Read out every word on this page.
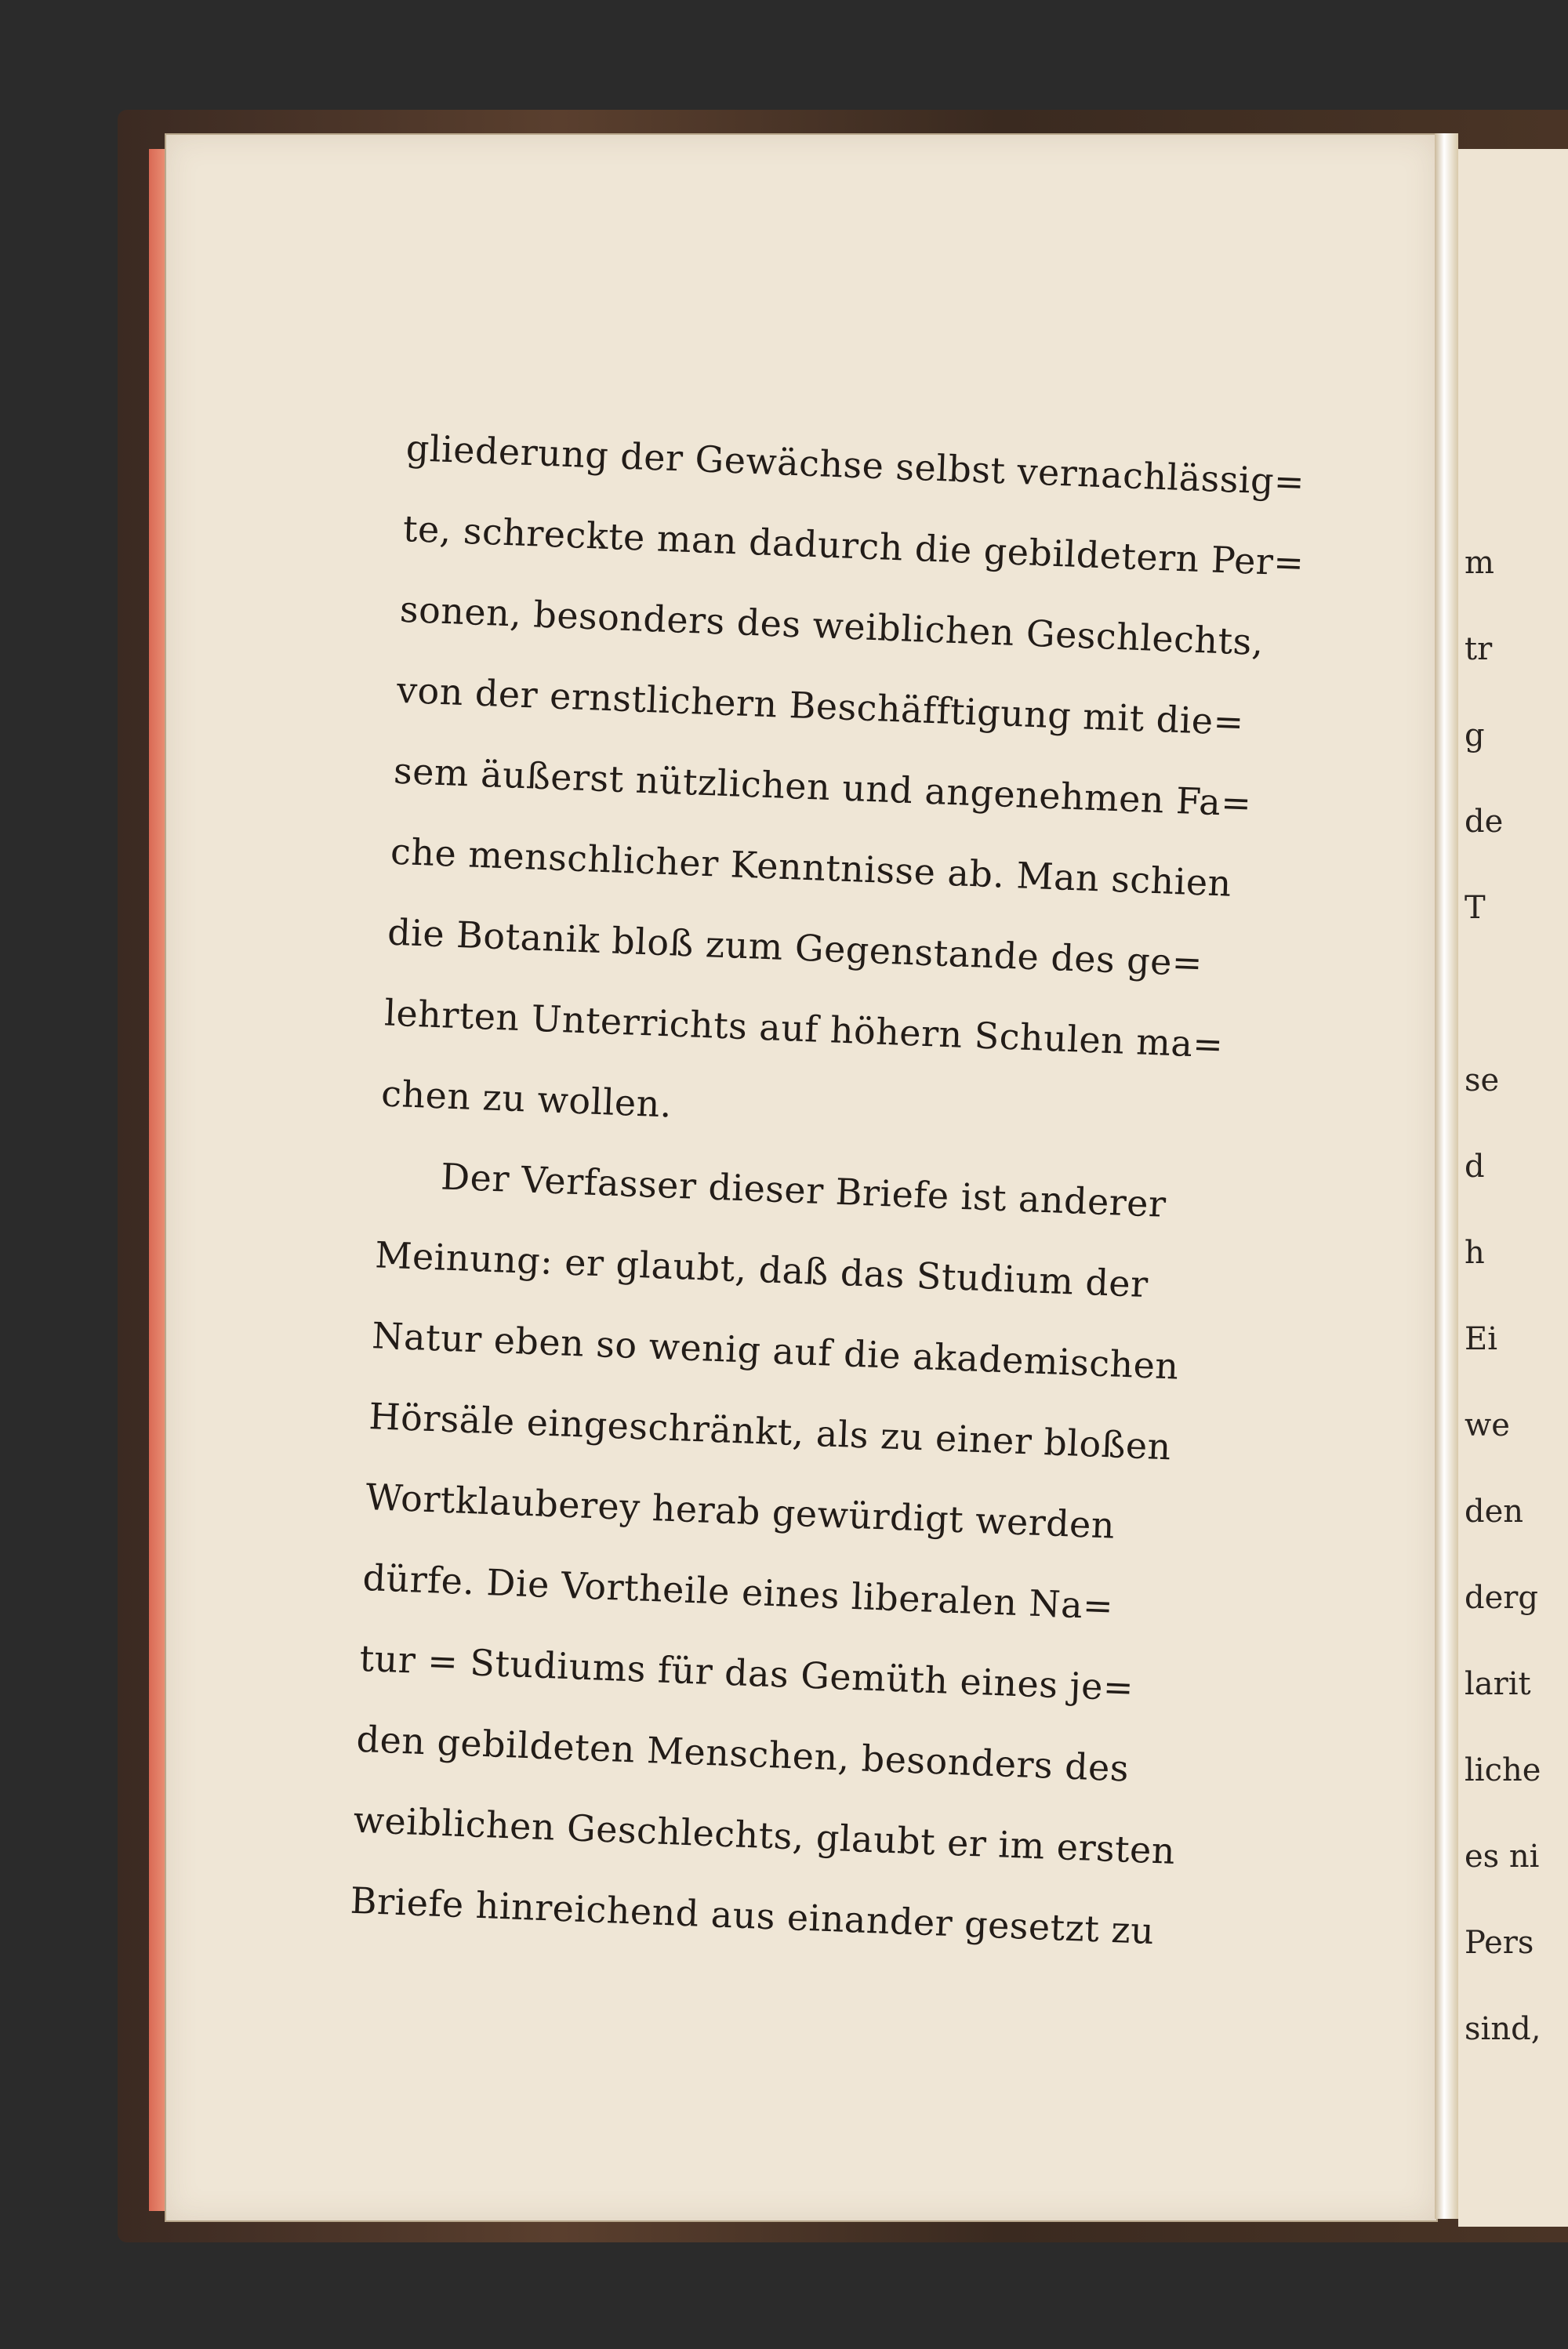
gliederung der Gewächse selbst vernachlässig=
te, schreckte man dadurch die gebildetern Per=
sonen, besonders des weiblichen Geschlechts,
von der ernstlichern Beschäfftigung mit die=
sem äußerst nützlichen und angenehmen Fa=
che menschlicher Kenntnisse ab. Man schien
die Botanik bloß zum Gegenstande des ge=
lehrten Unterrichts auf höhern Schulen ma=
chen zu wollen.
Der Verfasser dieser Briefe ist anderer
Meinung: er glaubt, daß das Studium der
Natur eben so wenig auf die akademischen
Hörsäle eingeschränkt, als zu einer bloßen
Wortklauberey herab gewürdigt werden
dürfe. Die Vortheile eines liberalen Na=
tur = Studiums für das Gemüth eines je=
den gebildeten Menschen, besonders des
weiblichen Geschlechts, glaubt er im ersten
Briefe hinreichend aus einander gesetzt zu
m
tr
g
de
T
se
d
h
Ei
we
den
derg
larit
liche
es ni
Pers
sind,
